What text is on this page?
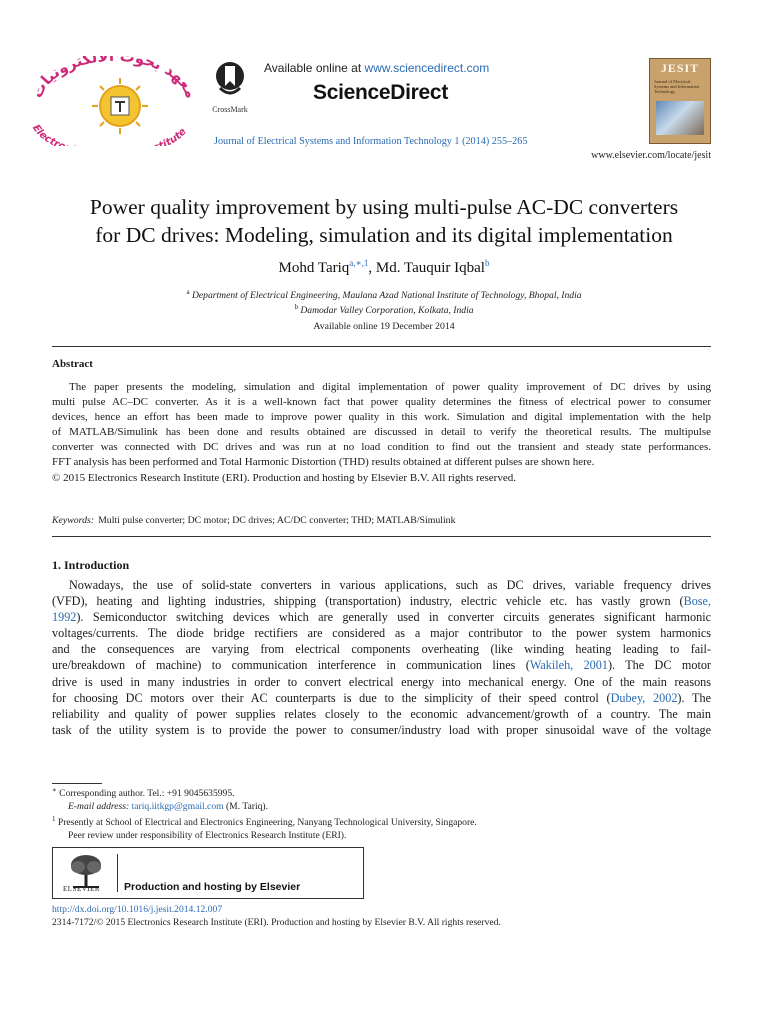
معهد بحوث لالكترونيات
Electr titute
CrossMark
Available online at www.sciencedirect.com
ScienceDirect
Journal of Electrical Systems and Information Technology 1 (2014) 255–265
JESIT
Journal of Electrical Systems and Information Technology
www.elsevier.com/locate/jesit
Power quality improvement by using multi-pulse AC-DC converters
for DC drives: Modeling, simulation and its digital implementation
Mohd Tariq$^{a,∗,1}$, Md. Tauquir Iqbal$^b$
$^a$ Department of Electrical Engineering, Maulana Azad National Institute of Technology, Bhopal, India
$^b$ Damodar Valley Corporation, Kolkata, India
Available online 19 December 2014
Abstract
The paper presents the modeling, simulation and digital implementation of power quality improvement of DC drives by using
multi pulse AC–DC converter. As it is a well-known fact that power quality determines the fitness of electrical power to consumer
devices, hence an effort has been made to improve power quality in this work. Simulation and digital implementation with the help
of MATLAB/Simulink has been done and results obtained are discussed in detail to verify the theoretical results. The multipulse
converter was connected with DC drives and was run at no load condition to find out the transient and steady state performances.
FFT analysis has been performed and Total Harmonic Distortion (THD) results obtained at different pulses are shown here.
© 2015 Electronics Research Institute (ERI). Production and hosting by Elsevier B.V. All rights reserved.
Keywords: Multi pulse converter; DC motor; DC drives; AC/DC converter; THD; MATLAB/Simulink
1. Introduction
Nowadays, the use of solid-state converters in various applications, such as DC drives, variable frequency drives
(VFD), heating and lighting industries, shipping (transportation) industry, electric vehicle etc. has vastly grown (Bose,
1992). Semiconductor switching devices which are generally used in converter circuits generates significant harmonic
voltages/currents. The diode bridge rectifiers are considered as a major contributor to the power system harmonics
and the consequences are varying from electrical components overheating (like winding heating leading to fail-
ure/breakdown of machine) to communication interference in communication lines (Wakileh, 2001). The DC motor
drive is used in many industries in order to convert electrical energy into mechanical energy. One of the main reasons
for choosing DC motors over their AC counterparts is due to the simplicity of their speed control (Dubey, 2002). The
reliability and quality of power supplies relates closely to the economic advancement/growth of a country. The main
task of the utility system is to provide the power to consumer/industry load with proper sinusoidal wave of the voltage
∗ Corresponding author. Tel.: +91 9045635995.
E-mail address: tariq.iitkgp@gmail.com (M. Tariq).
$^1$ Presently at School of Electrical and Electronics Engineering, Nanyang Technological University, Singapore.
Peer review under responsibility of Electronics Research Institute (ERI).
ELSEVIER Production and hosting by Elsevier
http://dx.doi.org/10.1016/j.jesit.2014.12.007
2314-7172/© 2015 Electronics Research Institute (ERI). Production and hosting by Elsevier B.V. All rights reserved.
